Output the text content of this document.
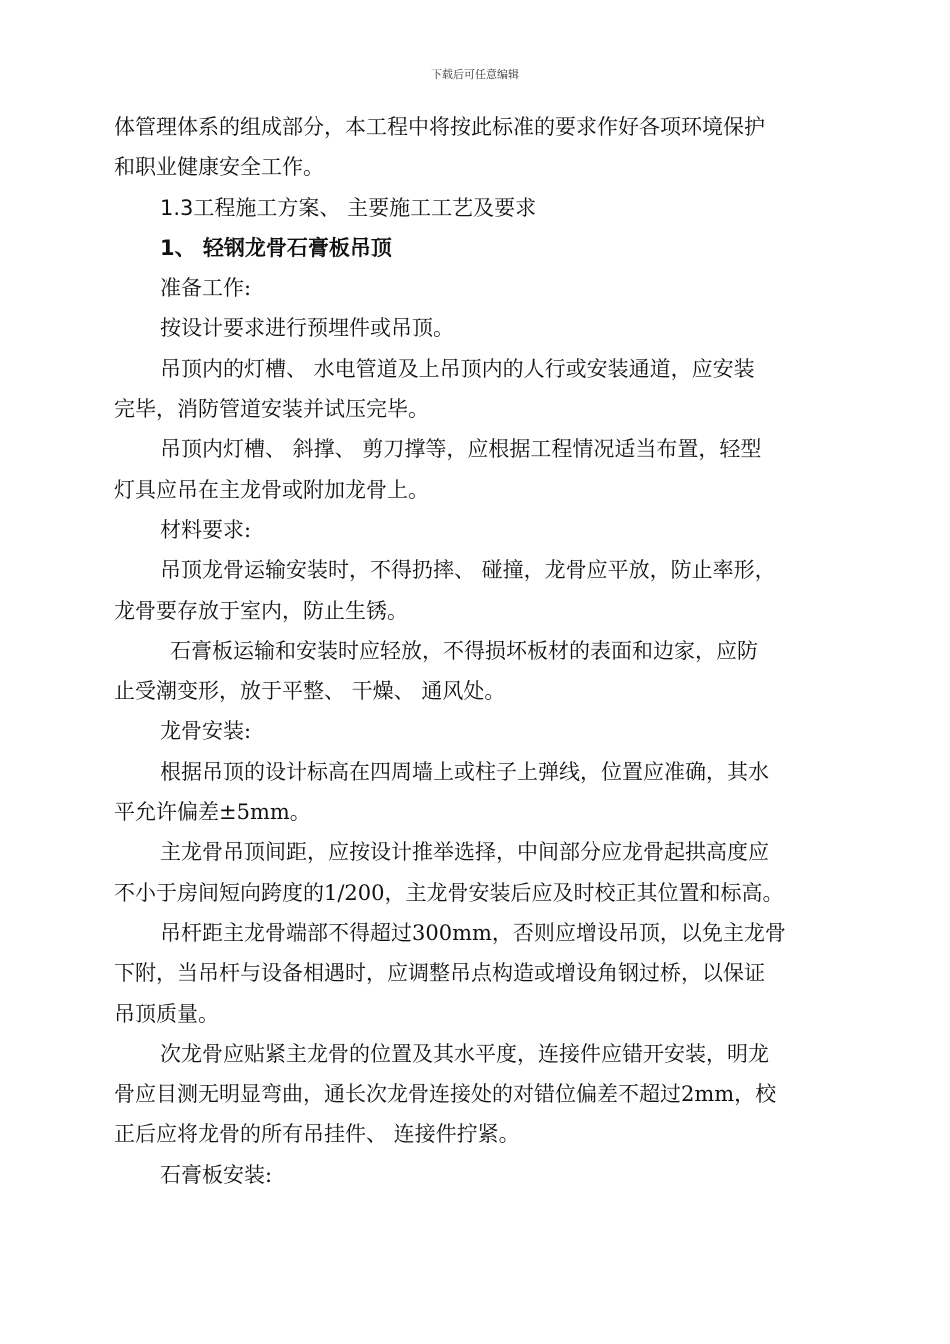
下载后可任意编辑
体管理体系的组成部分，本工程中将按此标准的要求作好各项环境保护
和职业健康安全工作。
1.3工程施工方案、 主要施工工艺及要求
1、 轻钢龙骨石膏板吊顶
准备工作:
按设计要求进行预埋件或吊顶。
吊顶内的灯槽、 水电管道及上吊顶内的人行或安装通道，应安装
完毕，消防管道安装并试压完毕。
吊顶内灯槽、 斜撑、 剪刀撑等，应根据工程情况适当布置，轻型
灯具应吊在主龙骨或附加龙骨上。
材料要求:
吊顶龙骨运输安装时，不得扔摔、 碰撞，龙骨应平放，防止率形，
龙骨要存放于室内，防止生锈。
石膏板运输和安装时应轻放，不得损坏板材的表面和边家，应防
止受潮变形，放于平整、 干燥、 通风处。
龙骨安装:
根据吊顶的设计标高在四周墙上或柱子上弹线，位置应准确，其水
平允许偏差±5mm。
主龙骨吊顶间距，应按设计推举选择，中间部分应龙骨起拱高度应
不小于房间短向跨度的1/200，主龙骨安装后应及时校正其位置和标高。
吊杆距主龙骨端部不得超过300mm，否则应增设吊顶，以免主龙骨
下附，当吊杆与设备相遇时，应调整吊点构造或增设角钢过桥，以保证
吊顶质量。
次龙骨应贴紧主龙骨的位置及其水平度，连接件应错开安装，明龙
骨应目测无明显弯曲，通长次龙骨连接处的对错位偏差不超过2mm，校
正后应将龙骨的所有吊挂件、 连接件拧紧。
石膏板安装:
